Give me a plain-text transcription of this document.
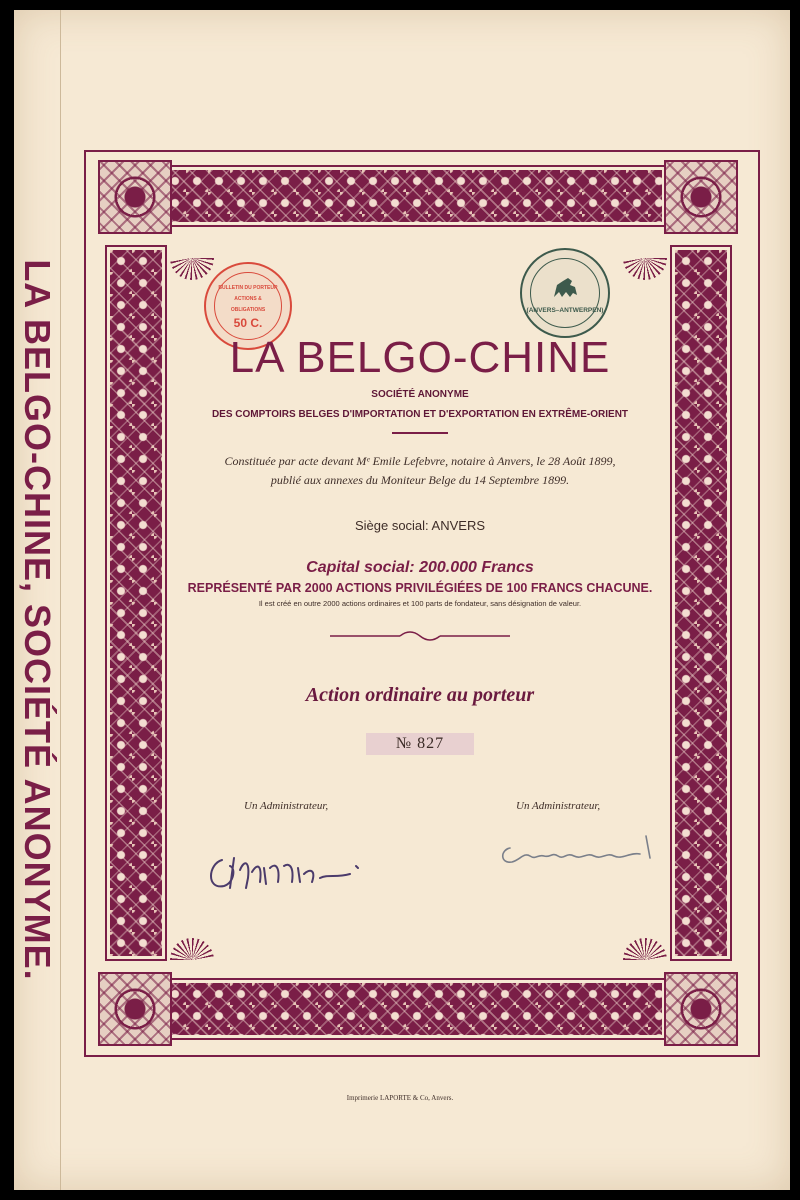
LA BELGO-CHINE, SOCIÉTÉ ANONYME.	BULLETIN DU PORTEUR ACTIONS & OBLIGATIONS
50 C.
(ANVERS–ANTWERPEN)
LA BELGO-CHINE
SOCIÉTÉ ANONYME
DES COMPTOIRS BELGES D'IMPORTATION ET D'EXPORTATION EN EXTRÊME-ORIENT
Constituée par acte devant Mᵉ Emile Lefebvre, notaire à Anvers, le 28 Août 1899,
publié aux annexes du Moniteur Belge du 14 Septembre 1899.
Siège social: ANVERS
Capital social: 200.000 Francs
REPRÉSENTÉ PAR 2000 ACTIONS PRIVILÉGIÉES DE 100 FRANCS CHACUNE.
Il est créé en outre 2000 actions ordinaires et 100 parts de fondateur, sans désignation de valeur.
Action ordinaire au porteur
№ 827
Un Administrateur,	Un Administrateur,
Imprimerie LAPORTE & Co, Anvers.
